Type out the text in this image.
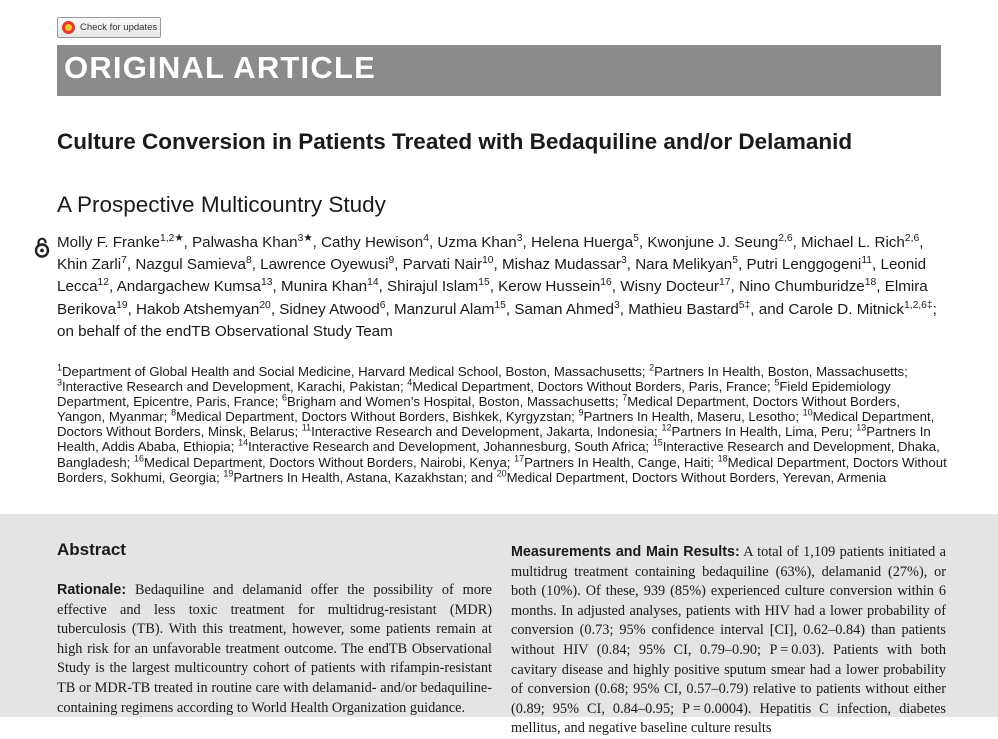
Check for updates
ORIGINAL ARTICLE
Culture Conversion in Patients Treated with Bedaquiline and/or Delamanid
A Prospective Multicountry Study

Molly F. Franke$^{1,2★}$, Palwasha Khan$^{3★}$, Cathy Hewison$^4$, Uzma Khan$^3$, Helena Huerga$^5$, Kwonjune J. Seung$^{2,6}$, Michael L. Rich$^{2,6}$, Khin Zarli$^7$, Nazgul Samieva$^8$, Lawrence Oyewusi$^9$, Parvati Nair$^{10}$, Mishaz Mudassar$^3$, Nara Melikyan$^5$, Putri Lenggogeni$^{11}$, Leonid Lecca$^{12}$, Andargachew Kumsa$^{13}$, Munira Khan$^{14}$, Shirajul Islam$^{15}$, Kerow Hussein$^{16}$, Wisny Docteur$^{17}$, Nino Chumburidze$^{18}$, Elmira Berikova$^{19}$, Hakob Atshemyan$^{20}$, Sidney Atwood$^6$, Manzurul Alam$^{15}$, Saman Ahmed$^3$, Mathieu Bastard$^{5\ddagger}$, and Carole D. Mitnick$^{1,2,6\ddagger}$; on behalf of the endTB Observational Study Team

$^1$Department of Global Health and Social Medicine, Harvard Medical School, Boston, Massachusetts; $^2$Partners In Health, Boston, Massachusetts; $^3$Interactive Research and Development, Karachi, Pakistan; $^4$Medical Department, Doctors Without Borders, Paris, France; $^5$Field Epidemiology Department, Epicentre, Paris, France; $^6$Brigham and Women’s Hospital, Boston, Massachusetts; $^7$Medical Department, Doctors Without Borders, Yangon, Myanmar; $^8$Medical Department, Doctors Without Borders, Bishkek, Kyrgyzstan; $^9$Partners In Health, Maseru, Lesotho; $^{10}$Medical Department, Doctors Without Borders, Minsk, Belarus; $^{11}$Interactive Research and Development, Jakarta, Indonesia; $^{12}$Partners In Health, Lima, Peru; $^{13}$Partners In Health, Addis Ababa, Ethiopia; $^{14}$Interactive Research and Development, Johannesburg, South Africa; $^{15}$Interactive Research and Development, Dhaka, Bangladesh; $^{16}$Medical Department, Doctors Without Borders, Nairobi, Kenya; $^{17}$Partners In Health, Cange, Haiti; $^{18}$Medical Department, Doctors Without Borders, Sokhumi, Georgia; $^{19}$Partners In Health, Astana, Kazakhstan; and $^{20}$Medical Department, Doctors Without Borders, Yerevan, Armenia

Abstract

Rationale: Bedaquiline and delamanid offer the possibility of more effective and less toxic treatment for multidrug-resistant (MDR) tuberculosis (TB). With this treatment, however, some patients remain at high risk for an unfavorable treatment outcome. The endTB Observational Study is the largest multicountry cohort of patients with rifampin-resistant TB or MDR-TB treated in routine care with delamanid- and/or bedaquiline-containing regimens according to World Health Organization guidance.

Measurements and Main Results: A total of 1,109 patients initiated a multidrug treatment containing bedaquiline (63%), delamanid (27%), or both (10%). Of these, 939 (85%) experienced culture conversion within 6 months. In adjusted analyses, patients with HIV had a lower probability of conversion (0.73; 95% confidence interval [CI], 0.62–0.84) than patients without HIV (0.84; 95% CI, 0.79–0.90; P = 0.03). Patients with both cavitary disease and highly positive sputum smear had a lower probability of conversion (0.68; 95% CI, 0.57–0.79) relative to patients without either (0.89; 95% CI, 0.84–0.95; P = 0.0004). Hepatitis C infection, diabetes mellitus, and negative baseline culture results
